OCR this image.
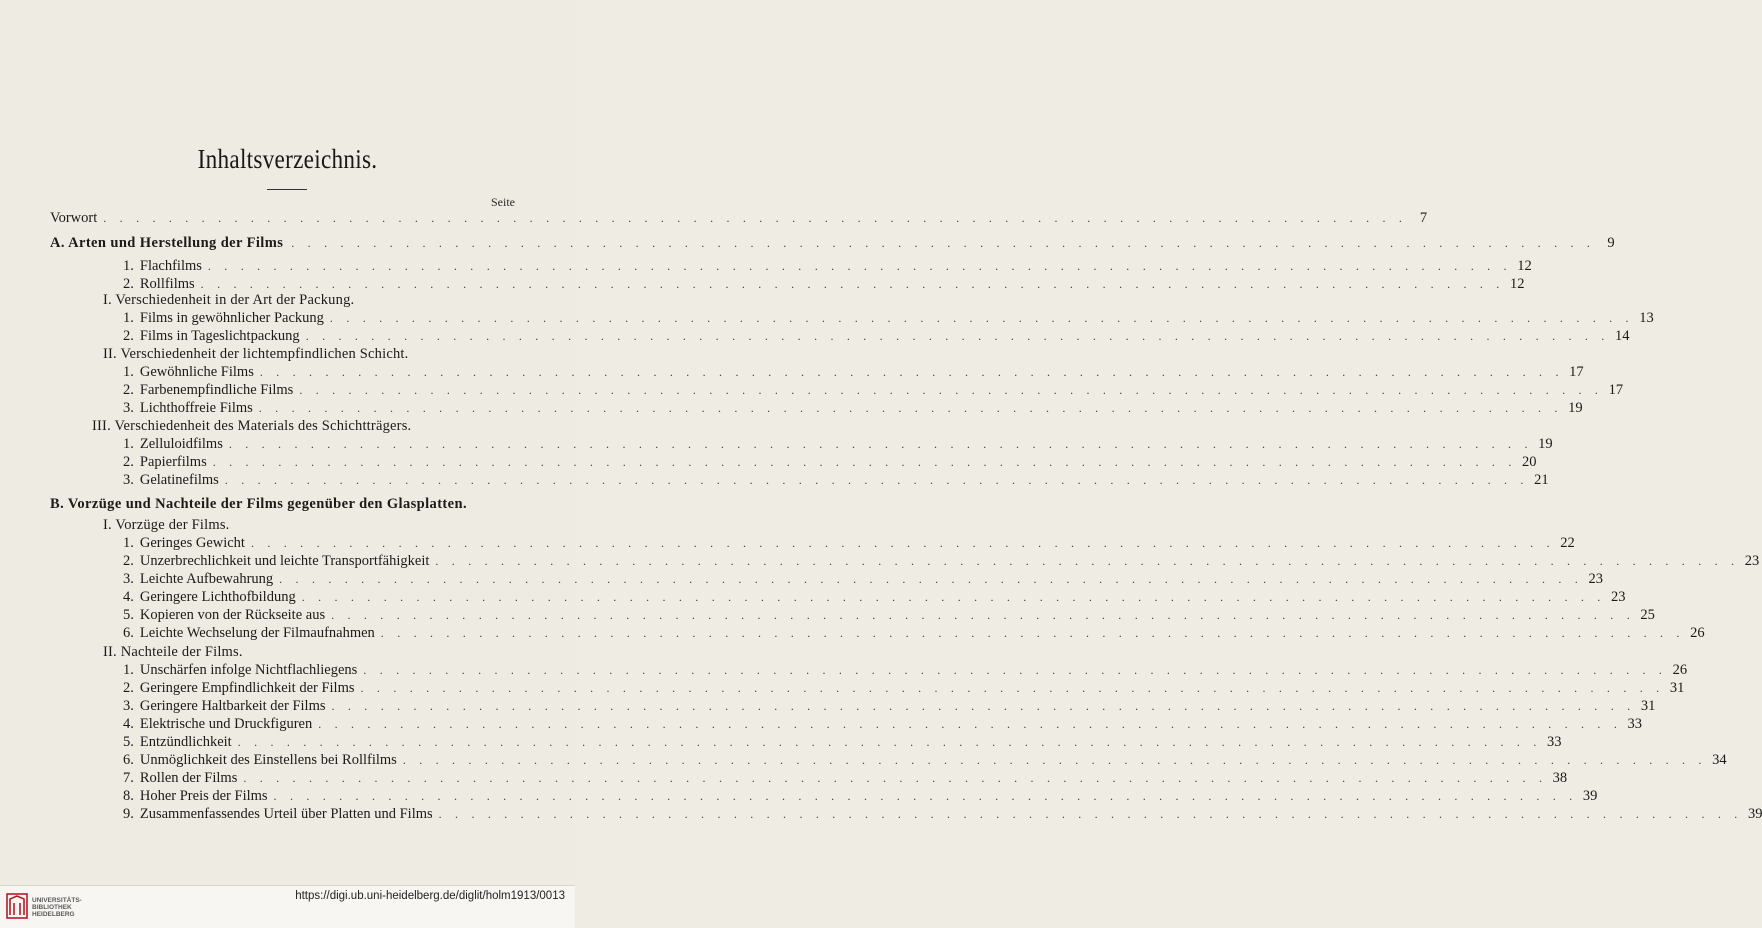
Inhaltsverzeichnis.
Seite
Vorwort . . . . . . . . . . . . . . . . . . . . . . . . . . . . . . . . . . . . . . . . . . . . . . . . . . . . . . . . . . . . . . . . . . . . . . . . . . . . . . . . 7
A. Arten und Herstellung der Films . . . . . . . . . . . . . . . . . . . . . . . . . . . . . . . . . . . . . . . . . . . . . . . . . . . . . . . . . . . . . . . . . . . . . . . . . . . . . . . . 9
1. Flachfilms . . . . . . . . . . . . . . . . . . . . . . . . . . . . . . . . . . . . . . . . . . . . . . . . . . . . . . . . . . . . . . . . . . . . . . . . . . . . . . . . 12
2. Rollfilms . . . . . . . . . . . . . . . . . . . . . . . . . . . . . . . . . . . . . . . . . . . . . . . . . . . . . . . . . . . . . . . . . . . . . . . . . . . . . . . . 12
I. Verschiedenheit in der Art der Packung.
1. Films in gewöhnlicher Packung . . . . . . . . . . . . . . . . . . . . . . . . . . . . . . . . . . . . . . . . . . . . . . . . . . . . . . . . . . . . . . . . . . . . . . . . . . . . . . . . 13
2. Films in Tageslichtpackung . . . . . . . . . . . . . . . . . . . . . . . . . . . . . . . . . . . . . . . . . . . . . . . . . . . . . . . . . . . . . . . . . . . . . . . . . . . . . . . . 14
II. Verschiedenheit der lichtempfindlichen Schicht.
1. Gewöhnliche Films . . . . . . . . . . . . . . . . . . . . . . . . . . . . . . . . . . . . . . . . . . . . . . . . . . . . . . . . . . . . . . . . . . . . . . . . . . . . . . . . 17
2. Farbenempfindliche Films . . . . . . . . . . . . . . . . . . . . . . . . . . . . . . . . . . . . . . . . . . . . . . . . . . . . . . . . . . . . . . . . . . . . . . . . . . . . . . . . 17
3. Lichthoffreie Films . . . . . . . . . . . . . . . . . . . . . . . . . . . . . . . . . . . . . . . . . . . . . . . . . . . . . . . . . . . . . . . . . . . . . . . . . . . . . . . . 19
III. Verschiedenheit des Materials des Schichtträgers.
1. Zelluloidfilms . . . . . . . . . . . . . . . . . . . . . . . . . . . . . . . . . . . . . . . . . . . . . . . . . . . . . . . . . . . . . . . . . . . . . . . . . . . . . . . . 19
2. Papierfilms . . . . . . . . . . . . . . . . . . . . . . . . . . . . . . . . . . . . . . . . . . . . . . . . . . . . . . . . . . . . . . . . . . . . . . . . . . . . . . . . 20
3. Gelatinefilms . . . . . . . . . . . . . . . . . . . . . . . . . . . . . . . . . . . . . . . . . . . . . . . . . . . . . . . . . . . . . . . . . . . . . . . . . . . . . . . . 21
B. Vorzüge und Nachteile der Films gegenüber den Glasplatten.
I. Vorzüge der Films.
1. Geringes Gewicht . . . . . . . . . . . . . . . . . . . . . . . . . . . . . . . . . . . . . . . . . . . . . . . . . . . . . . . . . . . . . . . . . . . . . . . . . . . . . . . . 22
2. Unzerbrechlichkeit und leichte Transportfähigkeit . . . . . . . . . . . . . . . . . . . . . . . . . . . . . . . . . . . . . . . . . . . . . . . . . . . . . . . . . . . . . . . . . . . . . . . . . . . . . . . . 23
3. Leichte Aufbewahrung . . . . . . . . . . . . . . . . . . . . . . . . . . . . . . . . . . . . . . . . . . . . . . . . . . . . . . . . . . . . . . . . . . . . . . . . . . . . . . . . 23
4. Geringere Lichthofbildung . . . . . . . . . . . . . . . . . . . . . . . . . . . . . . . . . . . . . . . . . . . . . . . . . . . . . . . . . . . . . . . . . . . . . . . . . . . . . . . . 23
5. Kopieren von der Rückseite aus . . . . . . . . . . . . . . . . . . . . . . . . . . . . . . . . . . . . . . . . . . . . . . . . . . . . . . . . . . . . . . . . . . . . . . . . . . . . . . . . 25
6. Leichte Wechselung der Filmaufnahmen . . . . . . . . . . . . . . . . . . . . . . . . . . . . . . . . . . . . . . . . . . . . . . . . . . . . . . . . . . . . . . . . . . . . . . . . . . . . . . . . 26
II. Nachteile der Films.
1. Unschärfen infolge Nichtflachliegens . . . . . . . . . . . . . . . . . . . . . . . . . . . . . . . . . . . . . . . . . . . . . . . . . . . . . . . . . . . . . . . . . . . . . . . . . . . . . . . . 26
2. Geringere Empfindlichkeit der Films . . . . . . . . . . . . . . . . . . . . . . . . . . . . . . . . . . . . . . . . . . . . . . . . . . . . . . . . . . . . . . . . . . . . . . . . . . . . . . . . 31
3. Geringere Haltbarkeit der Films . . . . . . . . . . . . . . . . . . . . . . . . . . . . . . . . . . . . . . . . . . . . . . . . . . . . . . . . . . . . . . . . . . . . . . . . . . . . . . . . 31
4. Elektrische und Druckfiguren . . . . . . . . . . . . . . . . . . . . . . . . . . . . . . . . . . . . . . . . . . . . . . . . . . . . . . . . . . . . . . . . . . . . . . . . . . . . . . . . 33
5. Entzündlichkeit . . . . . . . . . . . . . . . . . . . . . . . . . . . . . . . . . . . . . . . . . . . . . . . . . . . . . . . . . . . . . . . . . . . . . . . . . . . . . . . . 33
6. Unmöglichkeit des Einstellens bei Rollfilms . . . . . . . . . . . . . . . . . . . . . . . . . . . . . . . . . . . . . . . . . . . . . . . . . . . . . . . . . . . . . . . . . . . . . . . . . . . . . . . . 34
7. Rollen der Films . . . . . . . . . . . . . . . . . . . . . . . . . . . . . . . . . . . . . . . . . . . . . . . . . . . . . . . . . . . . . . . . . . . . . . . . . . . . . . . . 38
8. Hoher Preis der Films . . . . . . . . . . . . . . . . . . . . . . . . . . . . . . . . . . . . . . . . . . . . . . . . . . . . . . . . . . . . . . . . . . . . . . . . . . . . . . . . 39
9. Zusammenfassendes Urteil über Platten und Films . . . . . . . . . . . . . . . . . . . . . . . . . . . . . . . . . . . . . . . . . . . . . . . . . . . . . . . . . . . . . . . . . . . . . . . . . . . . . . . . 39
UNIVERSITÄTS-
BIBLIOTHEK
HEIDELBERG
https://digi.ub.uni-heidelberg.de/diglit/holm1913/0013
